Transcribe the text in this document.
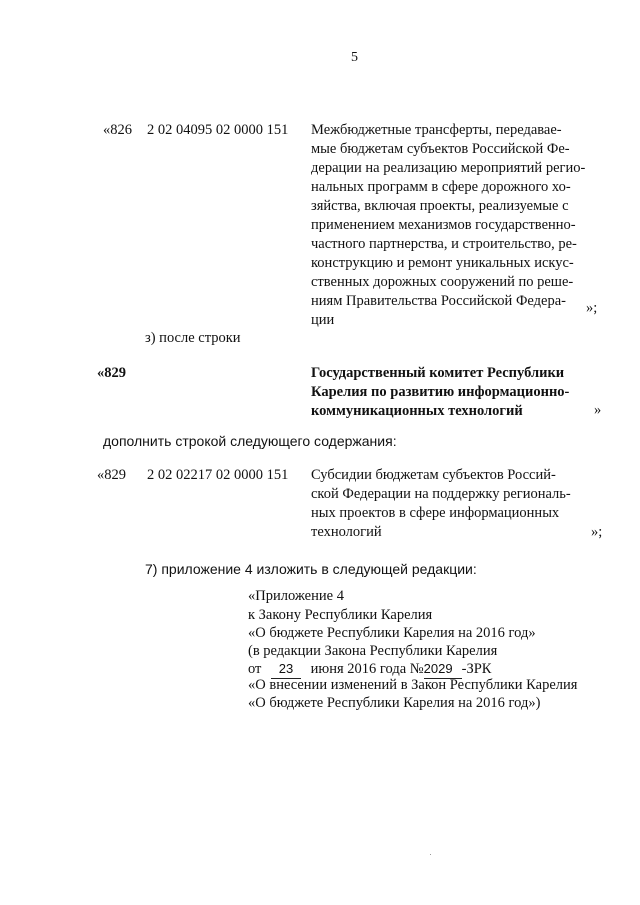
5
«826 2 02 04095 02 0000 151 Межбюджетные трансферты, передавае-
мые бюджетам субъектов Российской Фе-
дерации на реализацию мероприятий регио-
нальных программ в сфере дорожного хо-
зяйства, включая проекты, реализуемые с
применением механизмов государственно-
частного партнерства, и строительство, ре-
конструкцию и ремонт уникальных искус-
ственных дорожных сооружений по реше-
ниям Правительства Российской Федера-
ции
»;
з) после строки
«829	Государственный комитет Республики
Карелия по развитию информационно-
коммуникационных технологий	»
дополнить строкой следующего содержания:
«829 2 02 02217 02 0000 151 Субсидии бюджетам субъектов Россий-
ской Федерации на поддержку региональ-
ных проектов в сфере информационных
технологий	»;
7) приложение 4 изложить в следующей редакции:
«Приложение 4
к Закону Республики Карелия
«О бюджете Республики Карелия на 2016 год»
(в редакции Закона Республики Карелия
от 23 июня 2016 года №2029 -ЗРК
«О внесении изменений в Закон Республики Карелия
«О бюджете Республики Карелия на 2016 год»)
